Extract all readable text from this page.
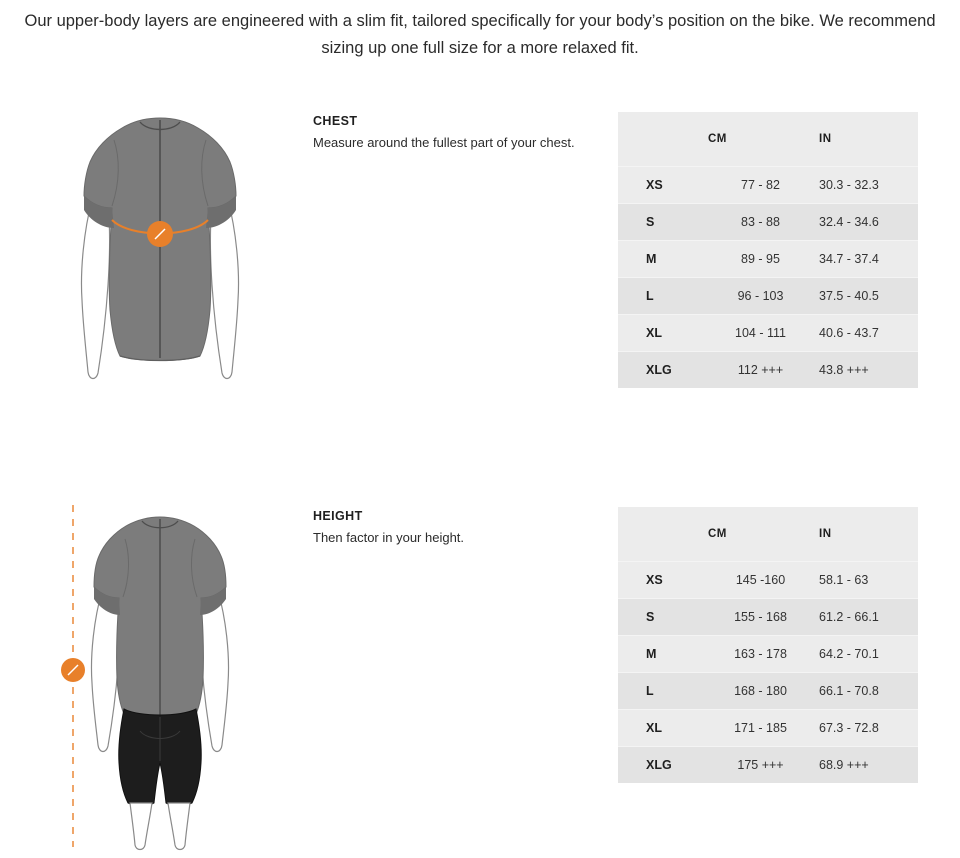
Our upper-body layers are engineered with a slim fit, tailored specifically for your body’s position on the bike. We recommend sizing up one full size for a more relaxed fit.
CHEST
Measure around the fullest part of your chest.
		CM	IN
XS	77 - 82	30.3 - 32.3
S	83 - 88	32.4 - 34.6
M	89 - 95	34.7 - 37.4
L	96 - 103	37.5 - 40.5
XL	104 - 111	40.6 - 43.7
XLG	112 +++	43.8 +++
HEIGHT
Then factor in your height.
		CM	IN
XS	145 -160	58.1 - 63
S	155 - 168	61.2 - 66.1
M	163 - 178	64.2 - 70.1
L	168 - 180	66.1 - 70.8
XL	171 - 185	67.3 - 72.8
XLG	175 +++	68.9 +++
